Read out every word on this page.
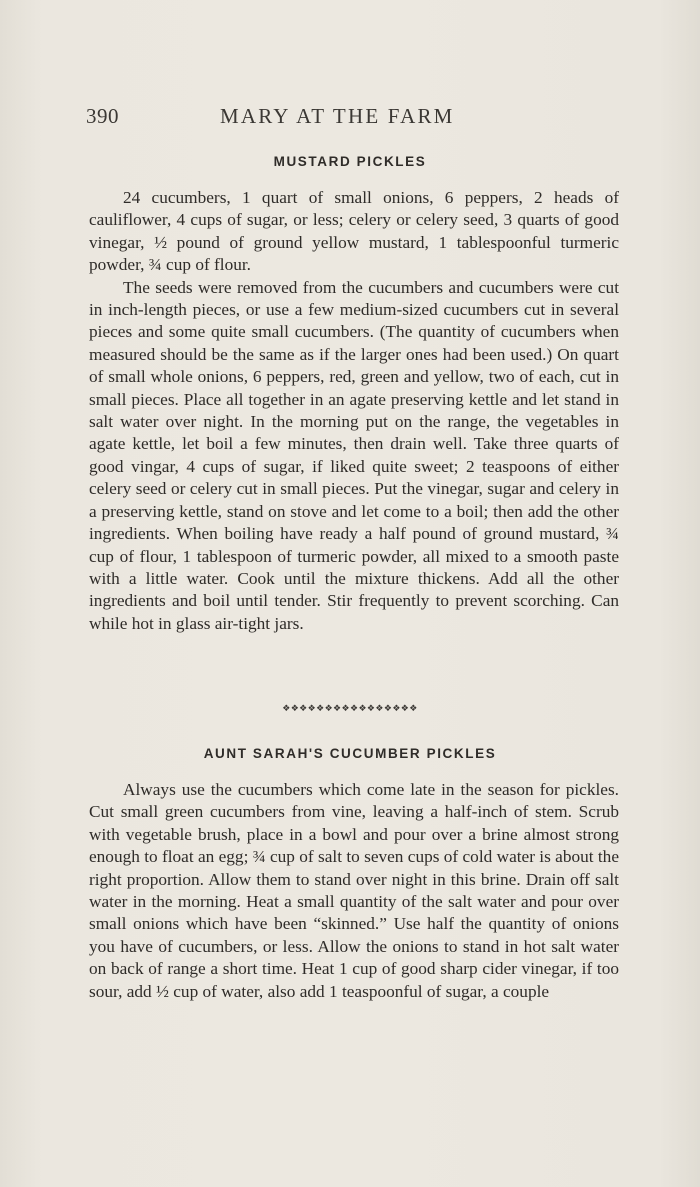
390	MARY AT THE FARM
MUSTARD PICKLES

24 cucumbers, 1 quart of small onions, 6 peppers, 2 heads of cauliflower, 4 cups of sugar, or less; celery or celery seed, 3 quarts of good vinegar, ½ pound of ground yellow mustard, 1 tablespoonful turmeric powder, ¾ cup of flour.

The seeds were removed from the cucumbers and cucumbers were cut in inch-length pieces, or use a few medium-sized cucumbers cut in several pieces and some quite small cucumbers. (The quantity of cucumbers when measured should be the same as if the larger ones had been used.) On quart of small whole onions, 6 peppers, red, green and yellow, two of each, cut in small pieces. Place all together in an agate preserving kettle and let stand in salt water over night. In the morning put on the range, the vegetables in agate kettle, let boil a few minutes, then drain well. Take three quarts of good vingar, 4 cups of sugar, if liked quite sweet; 2 teaspoons of either celery seed or celery cut in small pieces. Put the vinegar, sugar and celery in a preserving kettle, stand on stove and let come to a boil; then add the other ingredients. When boiling have ready a half pound of ground mustard, ¾ cup of flour, 1 tablespoon of turmeric powder, all mixed to a smooth paste with a little water. Cook until the mixture thickens. Add all the other ingredients and boil until tender. Stir frequently to prevent scorching. Can while hot in glass air-tight jars.

❖❖❖❖❖❖❖❖❖❖❖❖❖❖❖❖
AUNT SARAH'S CUCUMBER PICKLES

Always use the cucumbers which come late in the season for pickles. Cut small green cucumbers from vine, leaving a half-inch of stem. Scrub with vegetable brush, place in a bowl and pour over a brine almost strong enough to float an egg; ¾ cup of salt to seven cups of cold water is about the right proportion. Allow them to stand over night in this brine. Drain off salt water in the morning. Heat a small quantity of the salt water and pour over small onions which have been “skinned.” Use half the quantity of onions you have of cucumbers, or less. Allow the onions to stand in hot salt water on back of range a short time. Heat 1 cup of good sharp cider vinegar, if too sour, add ½ cup of water, also add 1 teaspoonful of sugar, a couple
